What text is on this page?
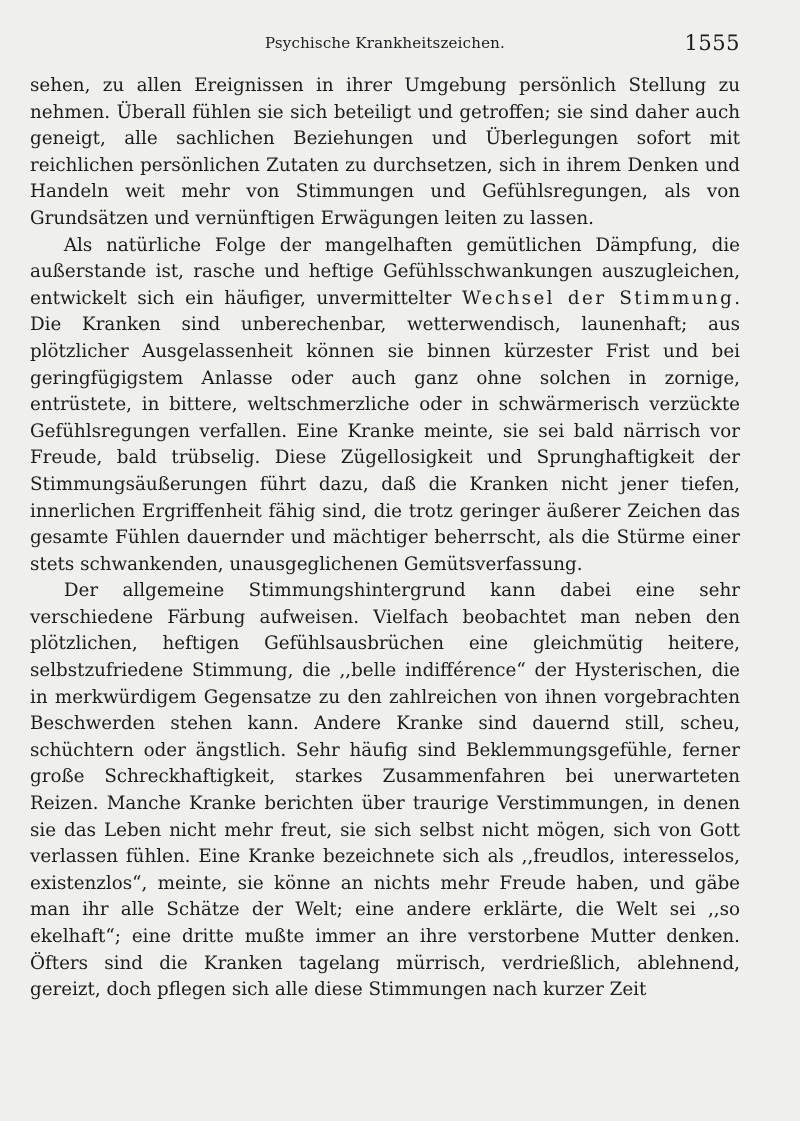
Psychische Krankheitszeichen.	1555

sehen, zu allen Ereignissen in ihrer Umgebung persönlich Stellung zu nehmen. Überall fühlen sie sich beteiligt und getroffen; sie sind daher auch geneigt, alle sachlichen Beziehungen und Überlegungen sofort mit reichlichen persönlichen Zutaten zu durchsetzen, sich in ihrem Denken und Handeln weit mehr von Stimmungen und Gefühlsregungen, als von Grundsätzen und vernünftigen Erwägungen leiten zu lassen.

Als natürliche Folge der mangelhaften gemütlichen Dämpfung, die außerstande ist, rasche und heftige Gefühlsschwankungen auszugleichen, entwickelt sich ein häufiger, unvermittelter Wechsel der Stimmung. Die Kranken sind unberechenbar, wetterwendisch, launenhaft; aus plötzlicher Ausgelassenheit können sie binnen kürzester Frist und bei geringfügigstem Anlasse oder auch ganz ohne solchen in zornige, entrüstete, in bittere, weltschmerzliche oder in schwärmerisch verzückte Gefühlsregungen verfallen. Eine Kranke meinte, sie sei bald närrisch vor Freude, bald trübselig. Diese Zügellosigkeit und Sprunghaftigkeit der Stimmungsäußerungen führt dazu, daß die Kranken nicht jener tiefen, innerlichen Ergriffenheit fähig sind, die trotz geringer äußerer Zeichen das gesamte Fühlen dauernder und mächtiger beherrscht, als die Stürme einer stets schwankenden, unausgeglichenen Gemütsverfassung.

Der allgemeine Stimmungshintergrund kann dabei eine sehr verschiedene Färbung aufweisen. Vielfach beobachtet man neben den plötzlichen, heftigen Gefühlsausbrüchen eine gleichmütig heitere, selbstzufriedene Stimmung, die ,,belle indifférence“ der Hysterischen, die in merkwürdigem Gegensatze zu den zahlreichen von ihnen vorgebrachten Beschwerden stehen kann. Andere Kranke sind dauernd still, scheu, schüchtern oder ängstlich. Sehr häufig sind Beklemmungsgefühle, ferner große Schreckhaftigkeit, starkes Zusammenfahren bei unerwarteten Reizen. Manche Kranke berichten über traurige Verstimmungen, in denen sie das Leben nicht mehr freut, sie sich selbst nicht mögen, sich von Gott verlassen fühlen. Eine Kranke bezeichnete sich als ,,freudlos, interesselos, existenzlos“, meinte, sie könne an nichts mehr Freude haben, und gäbe man ihr alle Schätze der Welt; eine andere erklärte, die Welt sei ,,so ekelhaft“; eine dritte mußte immer an ihre verstorbene Mutter denken. Öfters sind die Kranken tagelang mürrisch, verdrießlich, ablehnend, gereizt, doch pflegen sich alle diese Stimmungen nach kurzer Zeit
